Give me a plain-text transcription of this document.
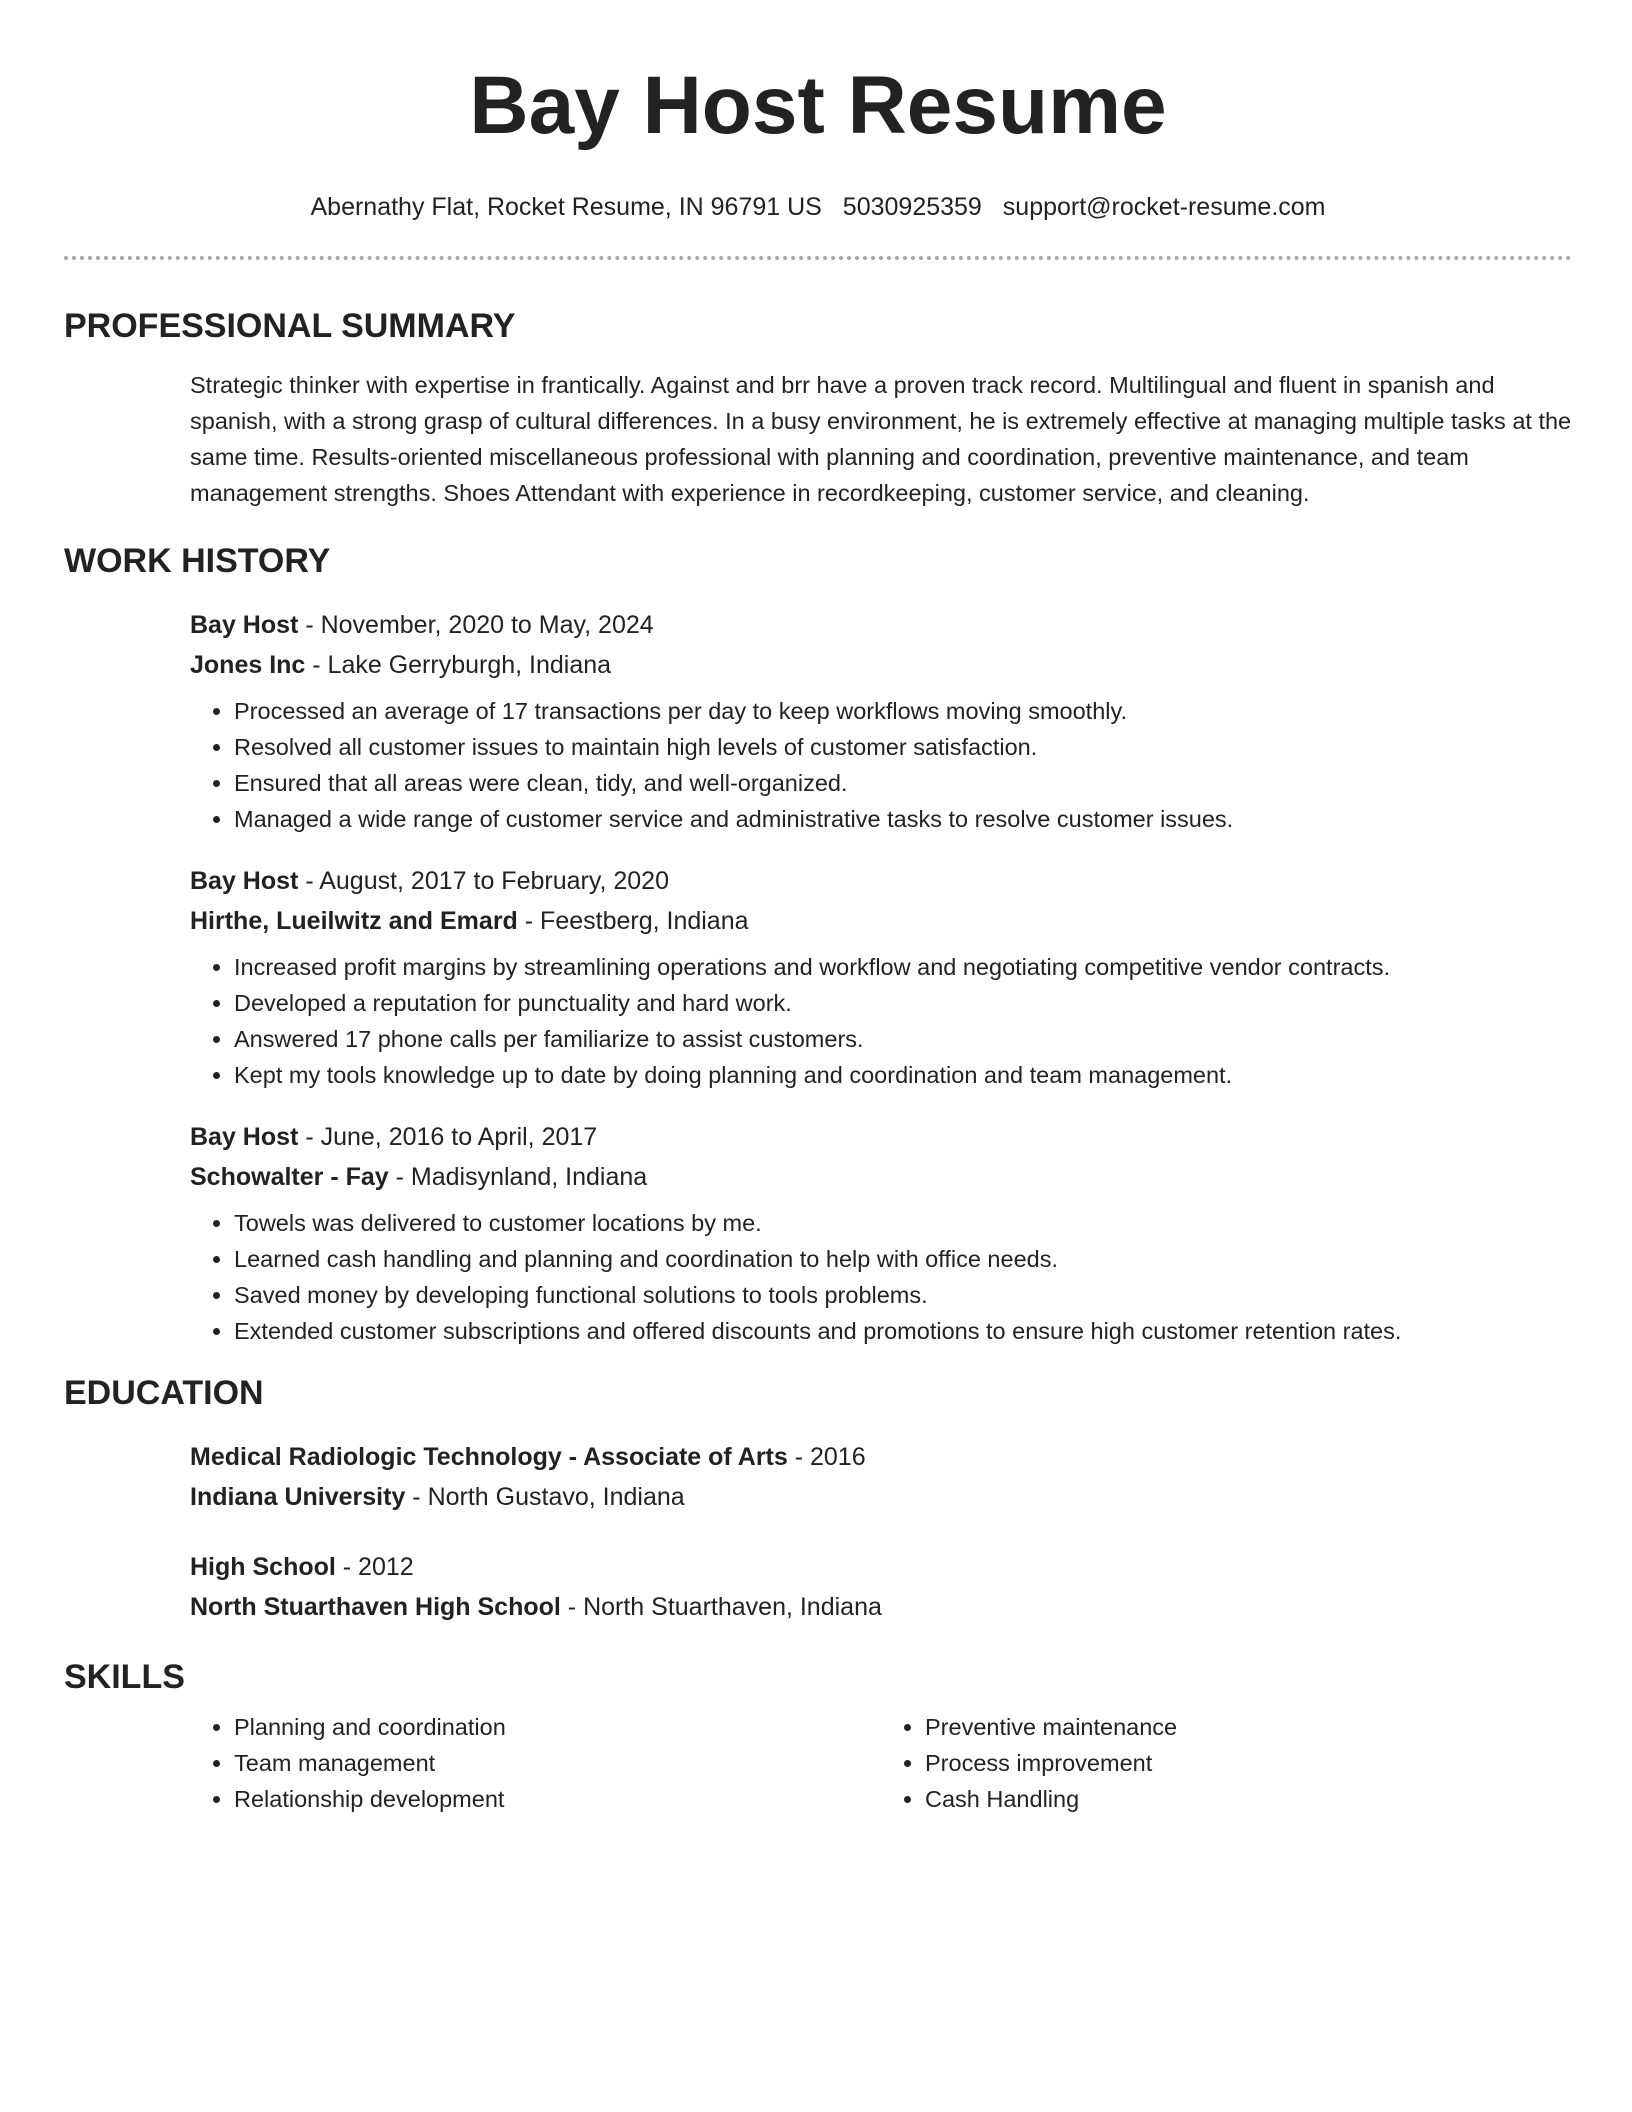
Bay Host Resume
Abernathy Flat, Rocket Resume, IN 96791 US 5030925359 support@rocket-resume.com
PROFESSIONAL SUMMARY

Strategic thinker with expertise in frantically. Against and brr have a proven track record. Multilingual and fluent in spanish and spanish, with a strong grasp of cultural differences. In a busy environment, he is extremely effective at managing multiple tasks at the same time. Results-oriented miscellaneous professional with planning and coordination, preventive maintenance, and team management strengths. Shoes Attendant with experience in recordkeeping, customer service, and cleaning.

WORK HISTORY
Bay Host - November, 2020 to May, 2024
Jones Inc - Lake Gerryburgh, Indiana
• Processed an average of 17 transactions per day to keep workflows moving smoothly.
• Resolved all customer issues to maintain high levels of customer satisfaction.
• Ensured that all areas were clean, tidy, and well-organized.
• Managed a wide range of customer service and administrative tasks to resolve customer issues.
Bay Host - August, 2017 to February, 2020
Hirthe, Lueilwitz and Emard - Feestberg, Indiana
• Increased profit margins by streamlining operations and workflow and negotiating competitive vendor contracts.
• Developed a reputation for punctuality and hard work.
• Answered 17 phone calls per familiarize to assist customers.
• Kept my tools knowledge up to date by doing planning and coordination and team management.
Bay Host - June, 2016 to April, 2017
Schowalter - Fay - Madisynland, Indiana
• Towels was delivered to customer locations by me.
• Learned cash handling and planning and coordination to help with office needs.
• Saved money by developing functional solutions to tools problems.
• Extended customer subscriptions and offered discounts and promotions to ensure high customer retention rates.
EDUCATION
Medical Radiologic Technology - Associate of Arts - 2016
Indiana University - North Gustavo, Indiana
High School - 2012
North Stuarthaven High School - North Stuarthaven, Indiana
SKILLS
• Planning and coordination
• Team management
• Relationship development
• Preventive maintenance
• Process improvement
• Cash Handling
